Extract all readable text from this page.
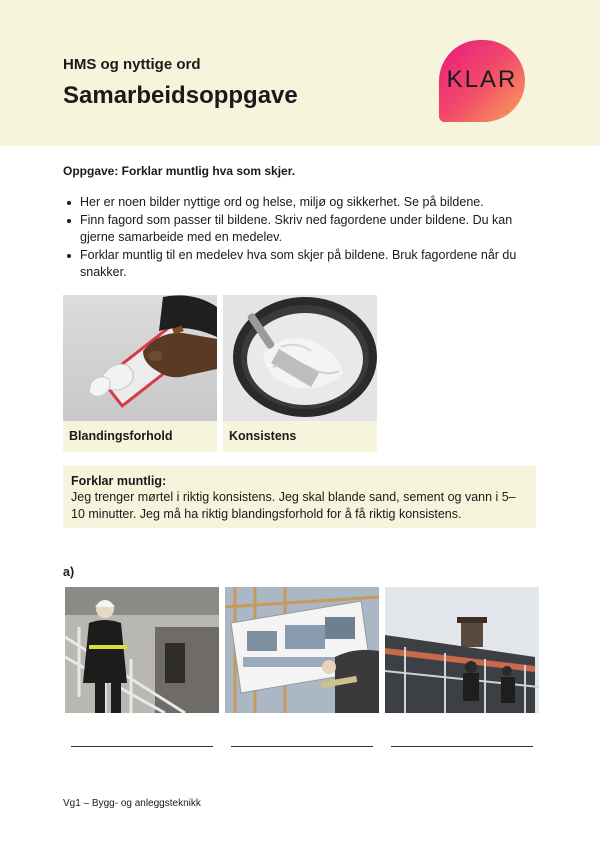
HMS og nyttige ord
Samarbeidsoppgave
KLAR
Oppgave: Forklar muntlig hva som skjer.
Her er noen bilder nyttige ord og helse, miljø og sikkerhet. Se på bildene.
Finn fagord som passer til bildene. Skriv ned fagordene under bildene. Du kan gjerne samarbeide med en medelev.
Forklar muntlig til en medelev hva som skjer på bildene. Bruk fagordene når du snakker.
Blandingsforhold	Konsistens
Forklar muntlig:
Jeg trenger mørtel i riktig konsistens. Jeg skal blande sand, sement og vann i 5–10 minutter. Jeg må ha riktig blandingsforhold for å få riktig konsistens.
a)
Vg1 – Bygg- og anleggsteknikk
